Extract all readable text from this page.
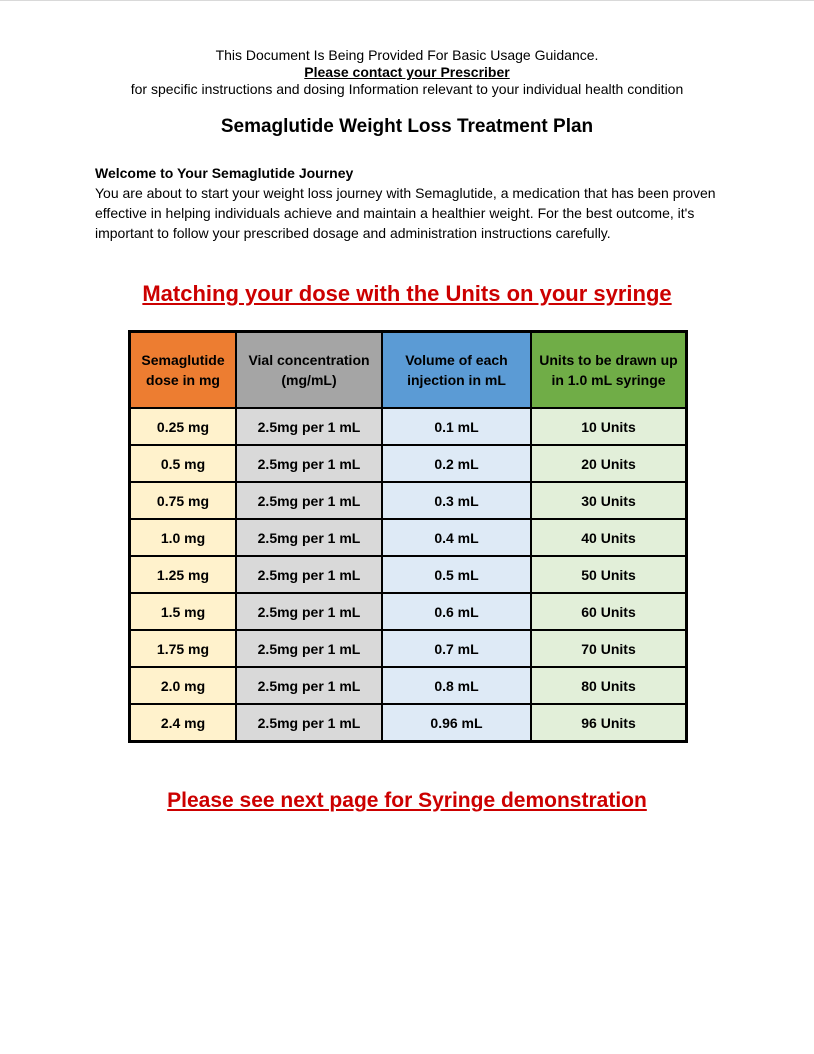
This Document Is Being Provided For Basic Usage Guidance.
Please contact your Prescriber
for specific instructions and dosing Information relevant to your individual health condition
Semaglutide Weight Loss Treatment Plan
Welcome to Your Semaglutide Journey
You are about to start your weight loss journey with Semaglutide, a medication that has been proven effective in helping individuals achieve and maintain a healthier weight. For the best outcome, it's important to follow your prescribed dosage and administration instructions carefully.
Matching your dose with the Units on your syringe
Semaglutide dose in mg	Vial concentration (mg/mL)	Volume of each injection in mL	Units to be drawn up in 1.0 mL syringe
0.25 mg	2.5mg per 1 mL	0.1 mL	10 Units
0.5 mg	2.5mg per 1 mL	0.2 mL	20 Units
0.75 mg	2.5mg per 1 mL	0.3 mL	30 Units
1.0 mg	2.5mg per 1 mL	0.4 mL	40 Units
1.25 mg	2.5mg per 1 mL	0.5 mL	50 Units
1.5 mg	2.5mg per 1 mL	0.6 mL	60 Units
1.75 mg	2.5mg per 1 mL	0.7 mL	70 Units
2.0 mg	2.5mg per 1 mL	0.8 mL	80 Units
2.4 mg	2.5mg per 1 mL	0.96 mL	96 Units
Please see next page for Syringe demonstration
